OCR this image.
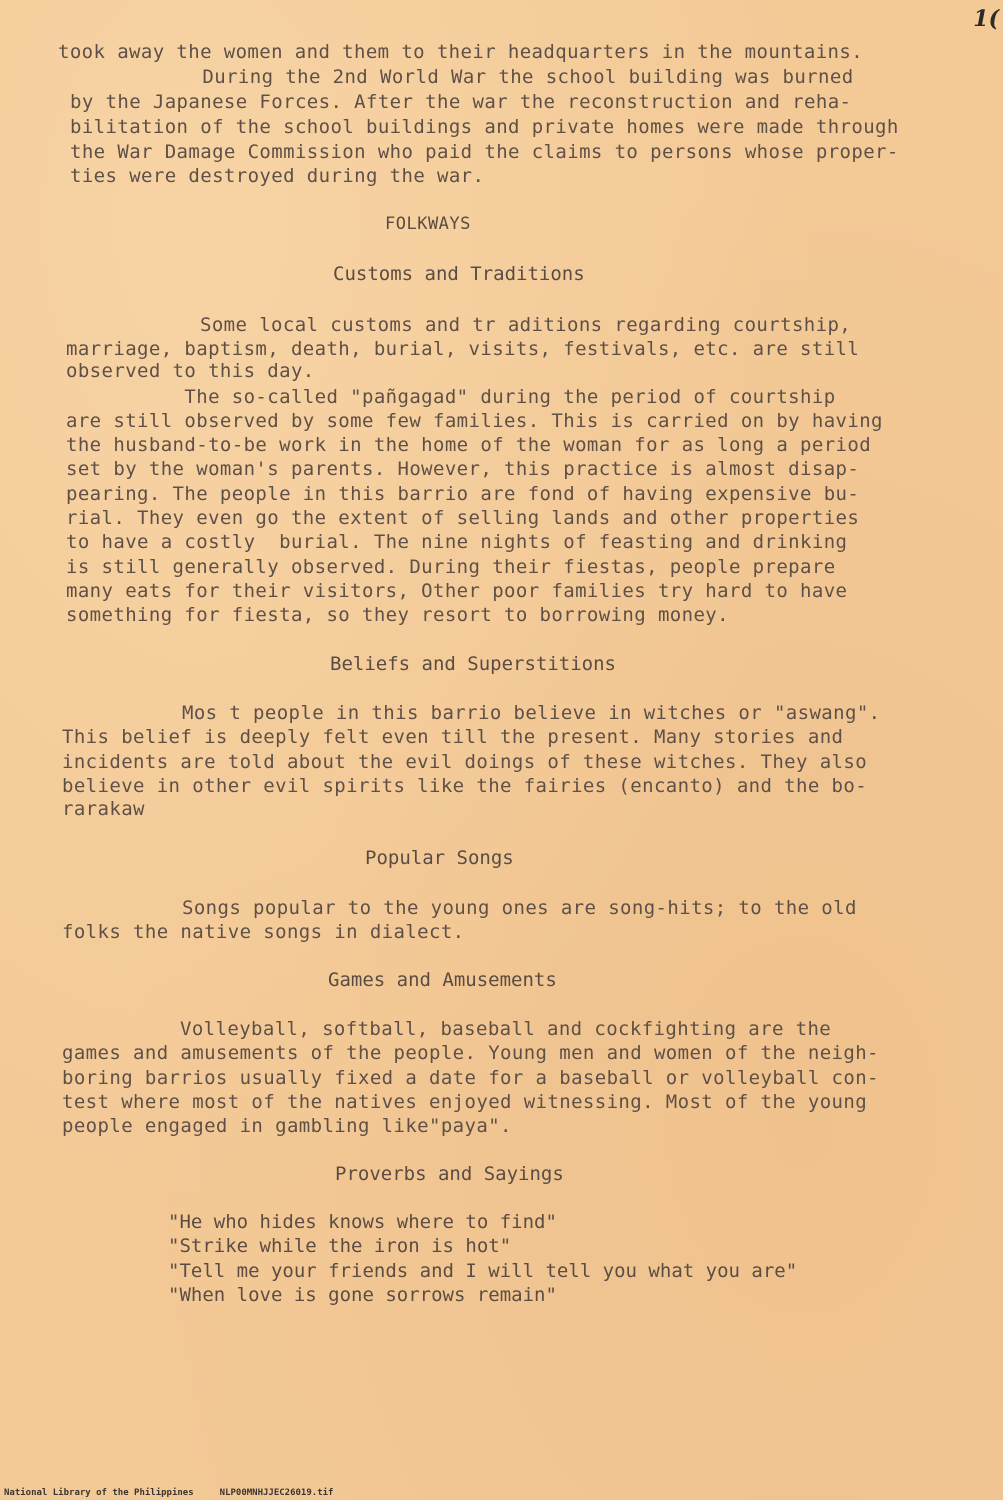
1(
took away the women and them to their headquarters in the mountains.
During the 2nd World War the school building was burned
by the Japanese Forces. After the war the reconstruction and reha-
bilitation of the school buildings and private homes were made through
the War Damage Commission who paid the claims to persons whose proper-
ties were destroyed during the war.
FOLKWAYS
Customs and Traditions
Some local customs and tr aditions regarding courtship,
marriage, baptism, death, burial, visits, festivals, etc. are still
observed to this day.
The so-called "pañgagad" during the period of courtship
are still observed by some few families. This is carried on by having
the husband-to-be work in the home of the woman for as long a period
set by the woman's parents. However, this practice is almost disap-
pearing. The people in this barrio are fond of having expensive bu-
rial. They even go the extent of selling lands and other properties
to have a costly  burial. The nine nights of feasting and drinking
is still generally observed. During their fiestas, people prepare
many eats for their visitors, Other poor families try hard to have
something for fiesta, so they resort to borrowing money.
Beliefs and Superstitions
Mos t people in this barrio believe in witches or "aswang".
This belief is deeply felt even till the present. Many stories and
incidents are told about the evil doings of these witches. They also
believe in other evil spirits like the fairies (encanto) and the bo-
rarakaw
Popular Songs
Songs popular to the young ones are song-hits; to the old
folks the native songs in dialect.
Games and Amusements
Volleyball, softball, baseball and cockfighting are the
games and amusements of the people. Young men and women of the neigh-
boring barrios usually fixed a date for a baseball or volleyball con-
test where most of the natives enjoyed witnessing. Most of the young
people engaged in gambling like"paya".
Proverbs and Sayings
"He who hides knows where to find"
"Strike while the iron is hot"
"Tell me your friends and I will tell you what you are"
"When love is gone sorrows remain"
National Library of the Philippines	NLP00MNHJJEC26019.tif
